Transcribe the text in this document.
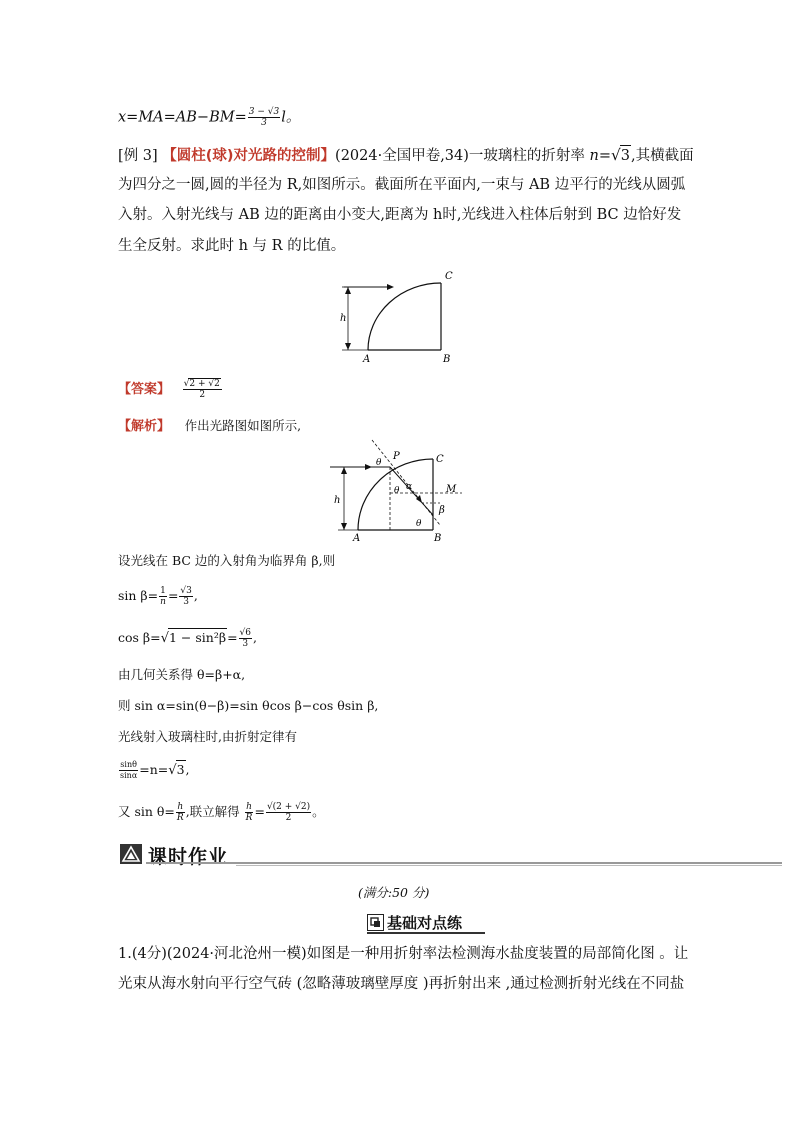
$x=MA=AB-BM= \frac{3 - √3}{3}$ l。
[例 3] 【圆柱(球)对光路的控制】(2024·全国甲卷,34)一玻璃柱的折射率 n=√3,其横截面
为四分之一圆,圆的半径为 R,如图所示。截面所在平面内,一束与 AB 边平行的光线从圆弧
入射。入射光线与 AB 边的距离由小变大,距离为 h时,光线进入柱体后射到 BC 边恰好发
生全反射。求此时 h 与 R 的比值。
h
C
A	B
【答案】 $\frac{√2 + √2}{2}$
【解析】 作出光路图如图所示,
h
P	C
M
A	B
θ
θ
θ
α
β
设光线在 BC 边的入射角为临界角 β,则
$\sin \beta= \frac{1}{n} = \frac{√3}{3}$ ,
$\cos \beta=√1 - \sin^2\beta= \frac{√6}{3}$ ,
由几何关系得 θ=β+α,
则 sin α=sin(θ−β)=sin θcos β−cos θsin β,
光线射入玻璃柱时,由折射定律有
$\frac{\sin\theta}{\sin\alpha} =n=√3$,
又 $\sin \theta= \frac{h}{R}$ ,联立解得 $\frac{h}{R} = \frac{√(2 + √2)}{2}$ 。
课时作业
(满分:50 分)
基础对点练
1.(4分)(2024·河北沧州一模)如图是一种用折射率法检测海水盐度装置的局部简化图 。让
光束从海水射向平行空气砖 (忽略薄玻璃壁厚度 )再折射出来 ,通过检测折射光线在不同盐
